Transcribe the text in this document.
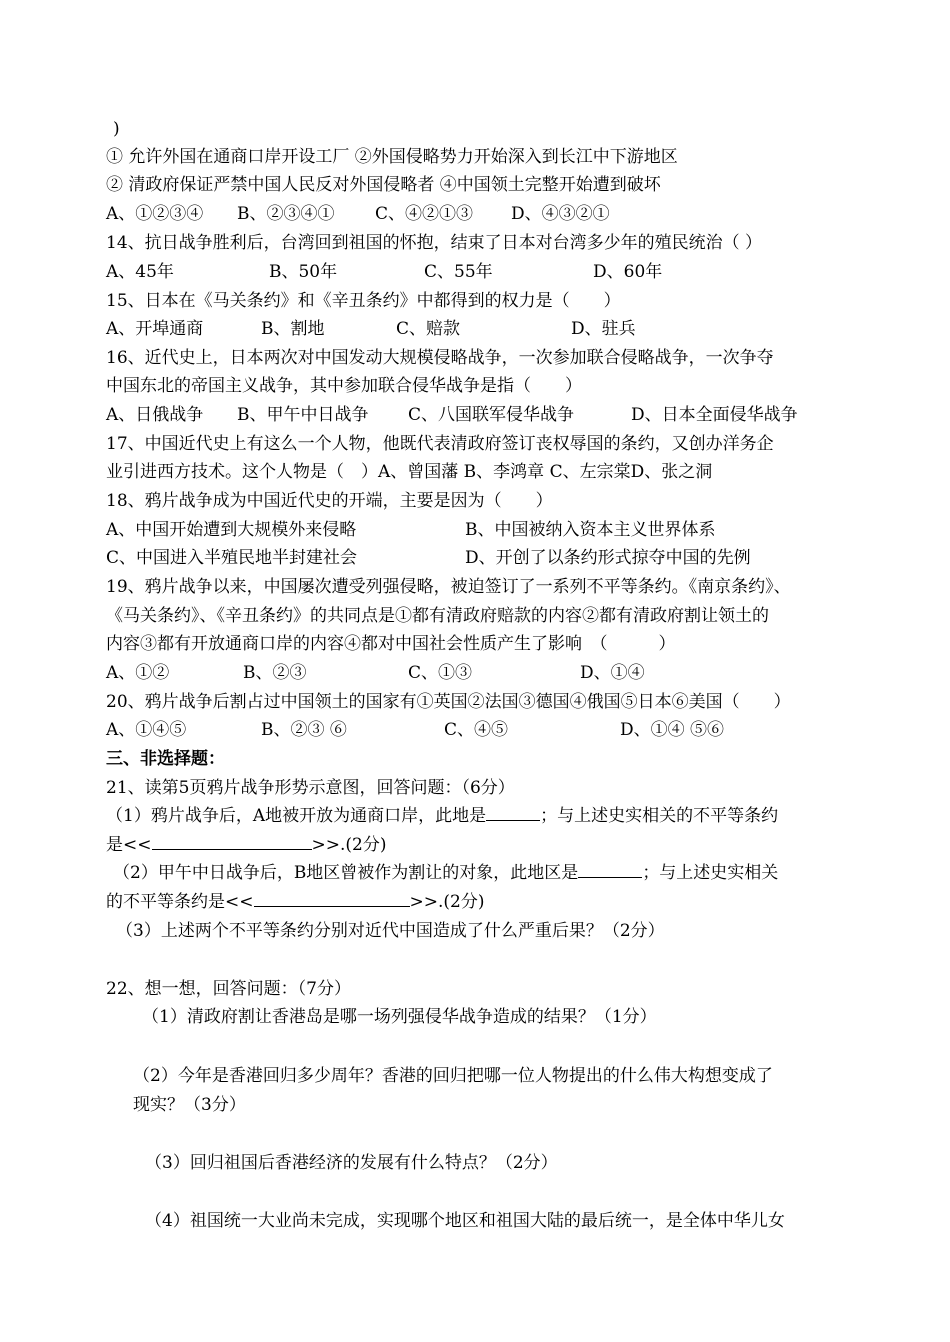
)
① 允许外国在通商口岸开设工厂 ②外国侵略势力开始深入到长江中下游地区
② 清政府保证严禁中国人民反对外国侵略者 ④中国领土完整开始遭到破坏
A、①②③④ B、②③④① C、④②①③ D、④③②①
14、抗日战争胜利后，台湾回到祖国的怀抱，结束了日本对台湾多少年的殖民统治（ ）
A、45年	B、50年	C、55年	D、60年
15、日本在《马关条约》和《辛丑条约》中都得到的权力是（　　）
A、开埠通商	B、割地	C、赔款	D、驻兵
16、近代史上，日本两次对中国发动大规模侵略战争，一次参加联合侵略战争，一次争夺
中国东北的帝国主义战争，其中参加联合侵华战争是指（　　）
A、日俄战争 B、甲午中日战争 C、八国联军侵华战争	D、日本全面侵华战争
17、中国近代史上有这么一个人物，他既代表清政府签订丧权辱国的条约，又创办洋务企
业引进西方技术。这个人物是（　）A、曾国藩 B、李鸿章 C、左宗棠D、张之洞
18、鸦片战争成为中国近代史的开端，主要是因为（　　）
A、中国开始遭到大规模外来侵略	B、中国被纳入资本主义世界体系
C、中国进入半殖民地半封建社会	D、开创了以条约形式掠夺中国的先例
19、鸦片战争以来，中国屡次遭受列强侵略，被迫签订了一系列不平等条约。《南京条约》、
《马关条约》、《辛丑条约》的共同点是①都有清政府赔款的内容②都有清政府割让领土的
内容③都有开放通商口岸的内容④都对中国社会性质产生了影响　（　　　）
A、①②	B、②③	C、①③	D、①④
20、鸦片战争后割占过中国领土的国家有①英国②法国③德国④俄国⑤日本⑥美国（　　）
A、①④⑤	B、②③ ⑥	C、④⑤	D、①④ ⑤⑥
三、非选择题：
21、读第5页鸦片战争形势示意图，回答问题：（6分）
（1）鸦片战争后，A地被开放为通商口岸，此地是	；与上述史实相关的不平等条约
是<<	>>.(2分)
（2）甲午中日战争后，B地区曾被作为割让的对象，此地区是	；与上述史实相关
的不平等条约是<<	>>.(2分)
（3）上述两个不平等条约分别对近代中国造成了什么严重后果？（2分）
22、想一想，回答问题：（7分）
（1）清政府割让香港岛是哪一场列强侵华战争造成的结果？（1分）
（2）今年是香港回归多少周年？香港的回归把哪一位人物提出的什么伟大构想变成了
现实？（3分）
（3）回归祖国后香港经济的发展有什么特点？（2分）
（4）祖国统一大业尚未完成，实现哪个地区和祖国大陆的最后统一，是全体中华儿女
